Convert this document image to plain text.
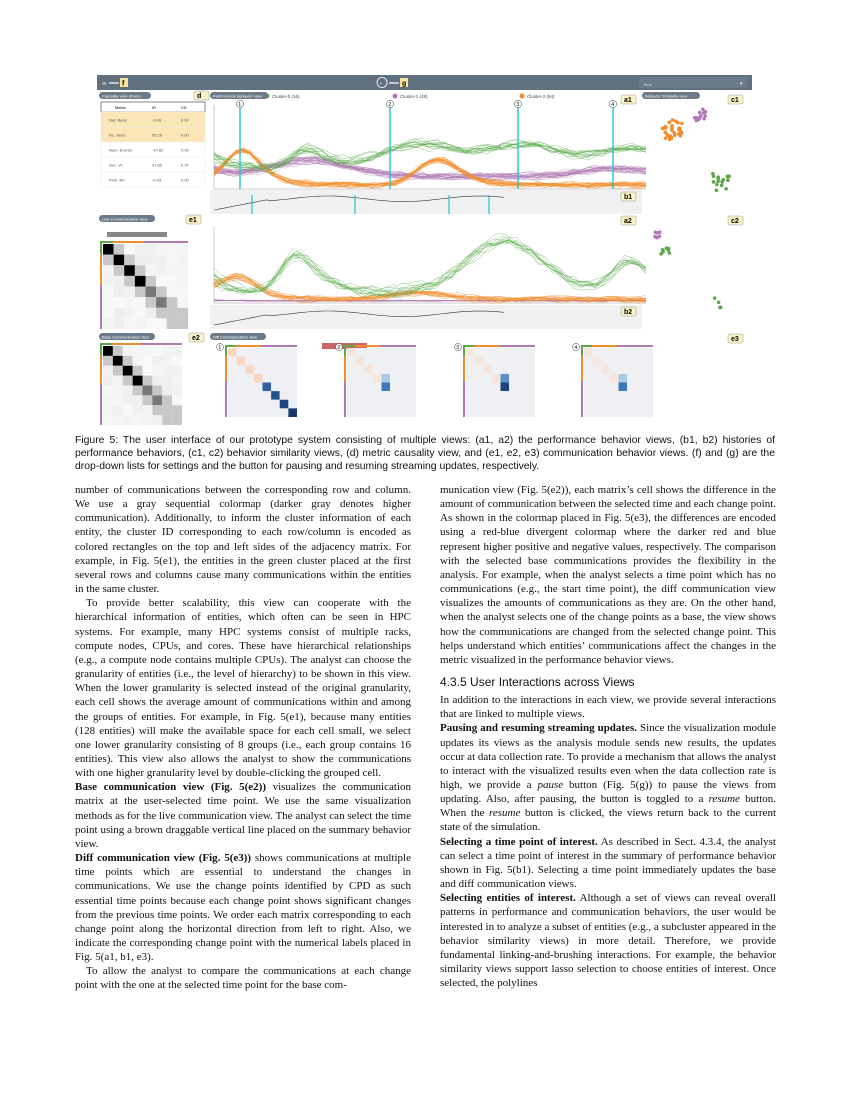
≡ f	▪	g	Time	▾
Cluster-0 (16)	Cluster-1 (48)	Cluster-2 (64)
Metric	IR	VD
Nat. Rece	-3.49	0.00
Nc. Send	55.26	0.00
Num. Events	-14.82	0.00
Sec. Vt.	91.85	0.37
Prim. Rb.	-0.43	0.00
1	2	3	4
1	2	3	4
Causality view (Runs)	d	Performance Behavior view	Behavior Similarity view
Live Communication view	e1
Base Communication view	e2	Diff Communication view
a1	c1
b1
a2	c2
b2
e3
Figure 5: The user interface of our prototype system consisting of multiple views: (a1, a2) the performance behavior views, (b1, b2) histories of performance behaviors, (c1, c2) behavior similarity views, (d) metric causality view, and (e1, e2, e3) communication behavior views. (f) and (g) are the drop-down lists for settings and the button for pausing and resuming streaming updates, respectively.

number of communications between the corresponding row and column. We use a gray sequential colormap (darker gray denotes higher communication). Additionally, to inform the cluster information of each entity, the cluster ID corresponding to each row/column is encoded as colored rectangles on the top and left sides of the adjacency matrix. For example, in Fig. 5(e1), the entities in the green cluster placed at the first several rows and columns cause many communications within the entities in the same cluster.

To provide better scalability, this view can cooperate with the hierarchical information of entities, which often can be seen in HPC systems. For example, many HPC systems consist of multiple racks, compute nodes, CPUs, and cores. These have hierarchical relationships (e.g., a compute node contains multiple CPUs). The analyst can choose the granularity of entities (i.e., the level of hierarchy) to be shown in this view. When the lower granularity is selected instead of the original granularity, each cell shows the average amount of communications within and among the groups of entities. For example, in Fig. 5(e1), because many entities (128 entities) will make the available space for each cell small, we select one lower granularity consisting of 8 groups (i.e., each group contains 16 entities). This view also allows the analyst to show the communications with one higher granularity level by double-clicking the grouped cell.

Base communication view (Fig. 5(e2)) visualizes the communication matrix at the user-selected time point. We use the same visualization methods as for the live communication view. The analyst can select the time point using a brown draggable vertical line placed on the summary behavior view.

Diff communication view (Fig. 5(e3)) shows communications at multiple time points which are essential to understand the changes in communications. We use the change points identified by CPD as such essential time points because each change point shows significant changes from the previous time points. We order each matrix corresponding to each change point along the horizontal direction from left to right. Also, we indicate the corresponding change point with the numerical labels placed in Fig. 5(a1, b1, e3).

To allow the analyst to compare the communications at each change point with the one at the selected time point for the base com-

munication view (Fig. 5(e2)), each matrix’s cell shows the difference in the amount of communication between the selected time and each change point. As shown in the colormap placed in Fig. 5(e3), the differences are encoded using a red-blue divergent colormap where the darker red and blue represent higher positive and negative values, respectively. The comparison with the selected base communications provides the flexibility in the analysis. For example, when the analyst selects a time point which has no communications (e.g., the start time point), the diff communication view visualizes the amounts of communications as they are. On the other hand, when the analyst selects one of the change points as a base, the view shows how the communications are changed from the selected change point. This helps understand which entities’ communications affect the changes in the metric visualized in the performance behavior views.

4.3.5 User Interactions across Views

In addition to the interactions in each view, we provide several interactions that are linked to multiple views.

Pausing and resuming streaming updates. Since the visualization module updates its views as the analysis module sends new results, the updates occur at data collection rate. To provide a mechanism that allows the analyst to interact with the visualized results even when the data collection rate is high, we provide a pause button (Fig. 5(g)) to pause the views from updating. Also, after pausing, the button is toggled to a resume button. When the resume button is clicked, the views return back to the current state of the simulation.

Selecting a time point of interest. As described in Sect. 4.3.4, the analyst can select a time point of interest in the summary of performance behavior shown in Fig. 5(b1). Selecting a time point immediately updates the base and diff communication views.

Selecting entities of interest. Although a set of views can reveal overall patterns in performance and communication behaviors, the user would be interested in to analyze a subset of entities (e.g., a subcluster appeared in the behavior similarity views) in more detail. Therefore, we provide fundamental linking-and-brushing interactions. For example, the behavior similarity views support lasso selection to choose entities of interest. Once selected, the polylines
